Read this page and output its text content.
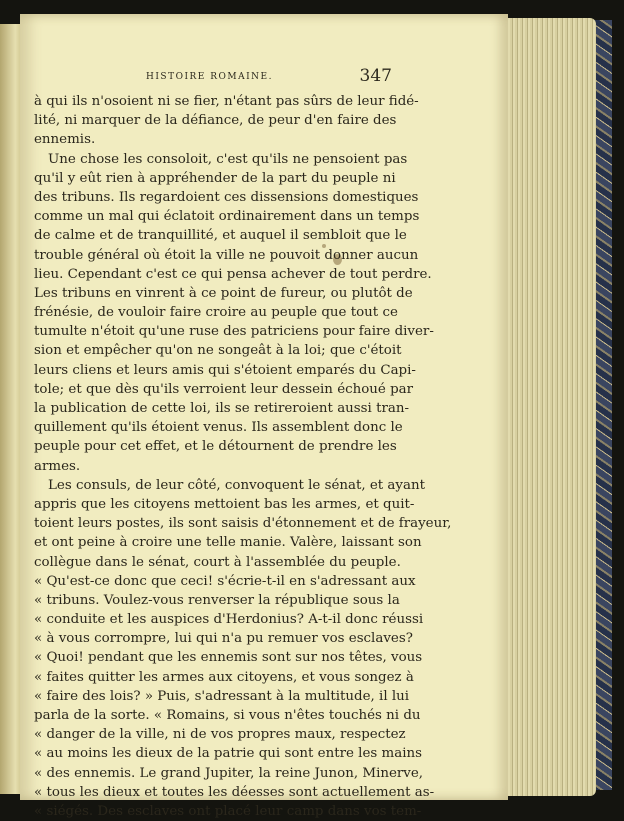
HISTOIRE ROMAINE.	347
à qui ils n'osoient ni se fier, n'étant pas sûrs de leur fidé-
lité, ni marquer de la défiance, de peur d'en faire des
ennemis.
Une chose les consoloit, c'est qu'ils ne pensoient pas
qu'il y eût rien à appréhender de la part du peuple ni
des tribuns. Ils regardoient ces dissensions domestiques
comme un mal qui éclatoit ordinairement dans un temps
de calme et de tranquillité, et auquel il sembloit que le
trouble général où étoit la ville ne pouvoit donner aucun
lieu. Cependant c'est ce qui pensa achever de tout perdre.
Les tribuns en vinrent à ce point de fureur, ou plutôt de
frénésie, de vouloir faire croire au peuple que tout ce
tumulte n'étoit qu'une ruse des patriciens pour faire diver-
sion et empêcher qu'on ne songeât à la loi; que c'étoit
leurs cliens et leurs amis qui s'étoient emparés du Capi-
tole; et que dès qu'ils verroient leur dessein échoué par
la publication de cette loi, ils se retireroient aussi tran-
quillement qu'ils étoient venus. Ils assemblent donc le
peuple pour cet effet, et le détournent de prendre les
armes.
Les consuls, de leur côté, convoquent le sénat, et ayant
appris que les citoyens mettoient bas les armes, et quit-
toient leurs postes, ils sont saisis d'étonnement et de frayeur,
et ont peine à croire une telle manie. Valère, laissant son
collègue dans le sénat, court à l'assemblée du peuple.
« Qu'est-ce donc que ceci! s'écrie-t-il en s'adressant aux
« tribuns. Voulez-vous renverser la république sous la
« conduite et les auspices d'Herdonius? A-t-il donc réussi
« à vous corrompre, lui qui n'a pu remuer vos esclaves?
« Quoi! pendant que les ennemis sont sur nos têtes, vous
« faites quitter les armes aux citoyens, et vous songez à
« faire des lois? » Puis, s'adressant à la multitude, il lui
parla de la sorte. « Romains, si vous n'êtes touchés ni du
« danger de la ville, ni de vos propres maux, respectez
« au moins les dieux de la patrie qui sont entre les mains
« des ennemis. Le grand Jupiter, la reine Junon, Minerve,
« tous les dieux et toutes les déesses sont actuellement as-
« siégés. Des esclaves ont placé leur camp dans vos tem-
